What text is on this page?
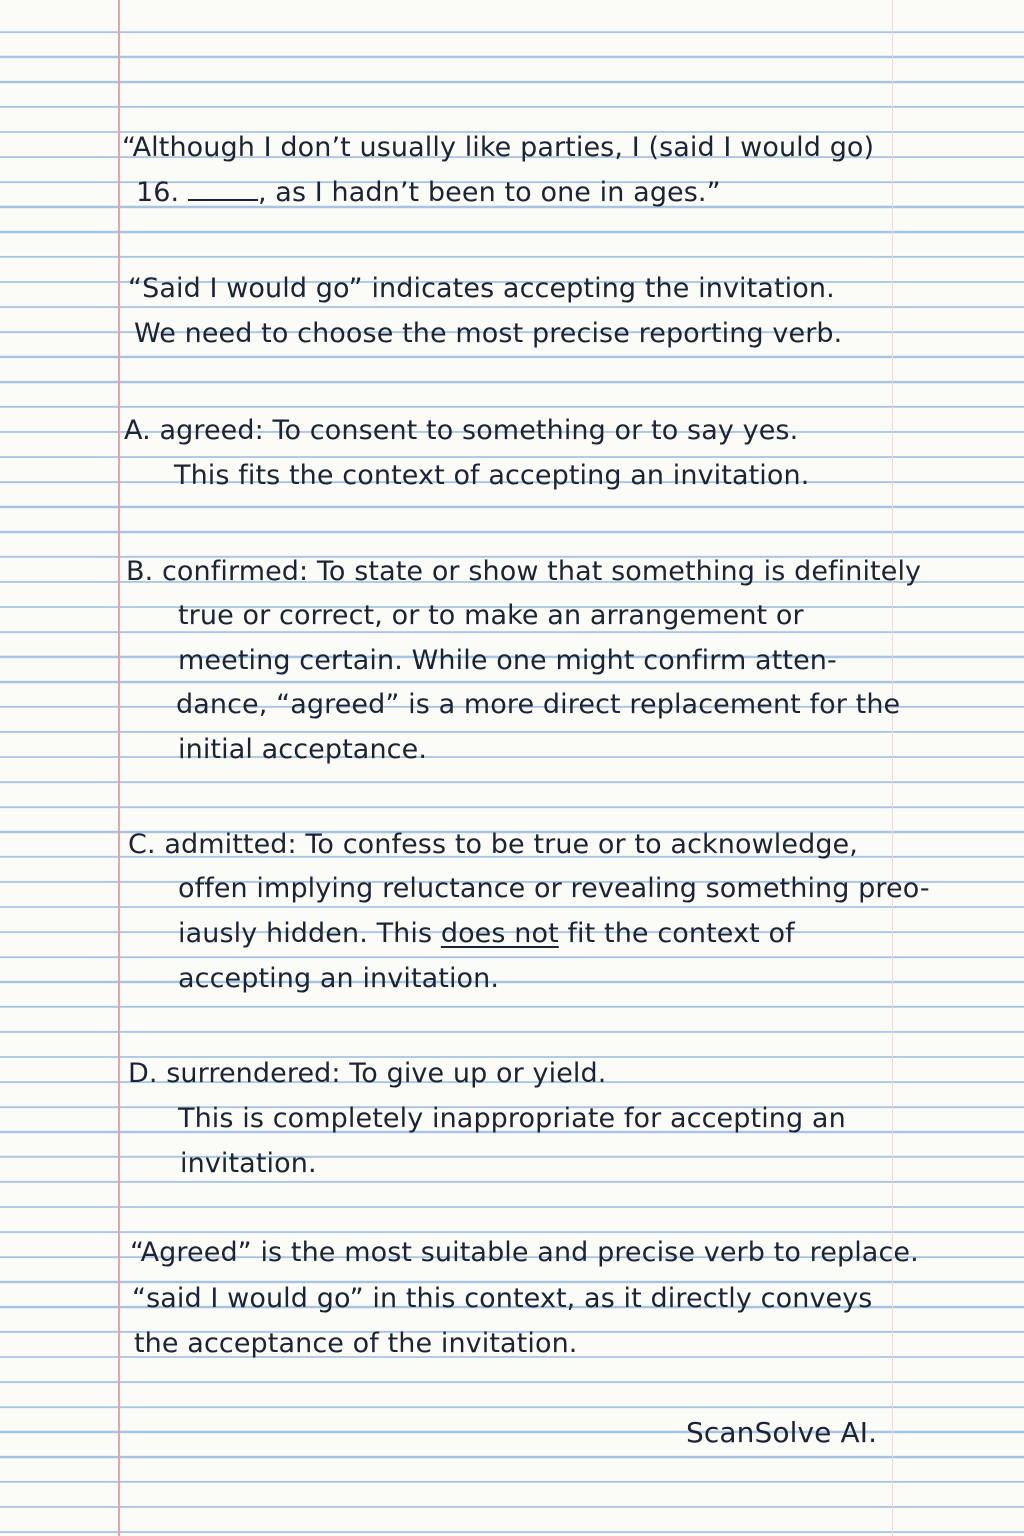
“Although I don’t usually like parties, I (said I would go)
16.	, as I hadn’t been to one in ages.”
“Said I would go” indicates accepting the invitation.
We need to choose the most precise reporting verb.
A. agreed: To consent to something or to say yes.
This fits the context of accepting an invitation.
B. confirmed: To state or show that something is definitely
true or correct, or to make an arrangement or
meeting certain. While one might confirm atten-
dance, “agreed” is a more direct replacement for the
initial acceptance.
C. admitted: To confess to be true or to acknowledge,
offen implying reluctance or revealing something preo-
iausly hidden. This does not fit the context of
accepting an invitation.
D. surrendered: To give up or yield.
This is completely inappropriate for accepting an
invitation.
“Agreed” is the most suitable and precise verb to replace.
“said I would go” in this context, as it directly conveys
the acceptance of the invitation.
ScanSolve AI.
